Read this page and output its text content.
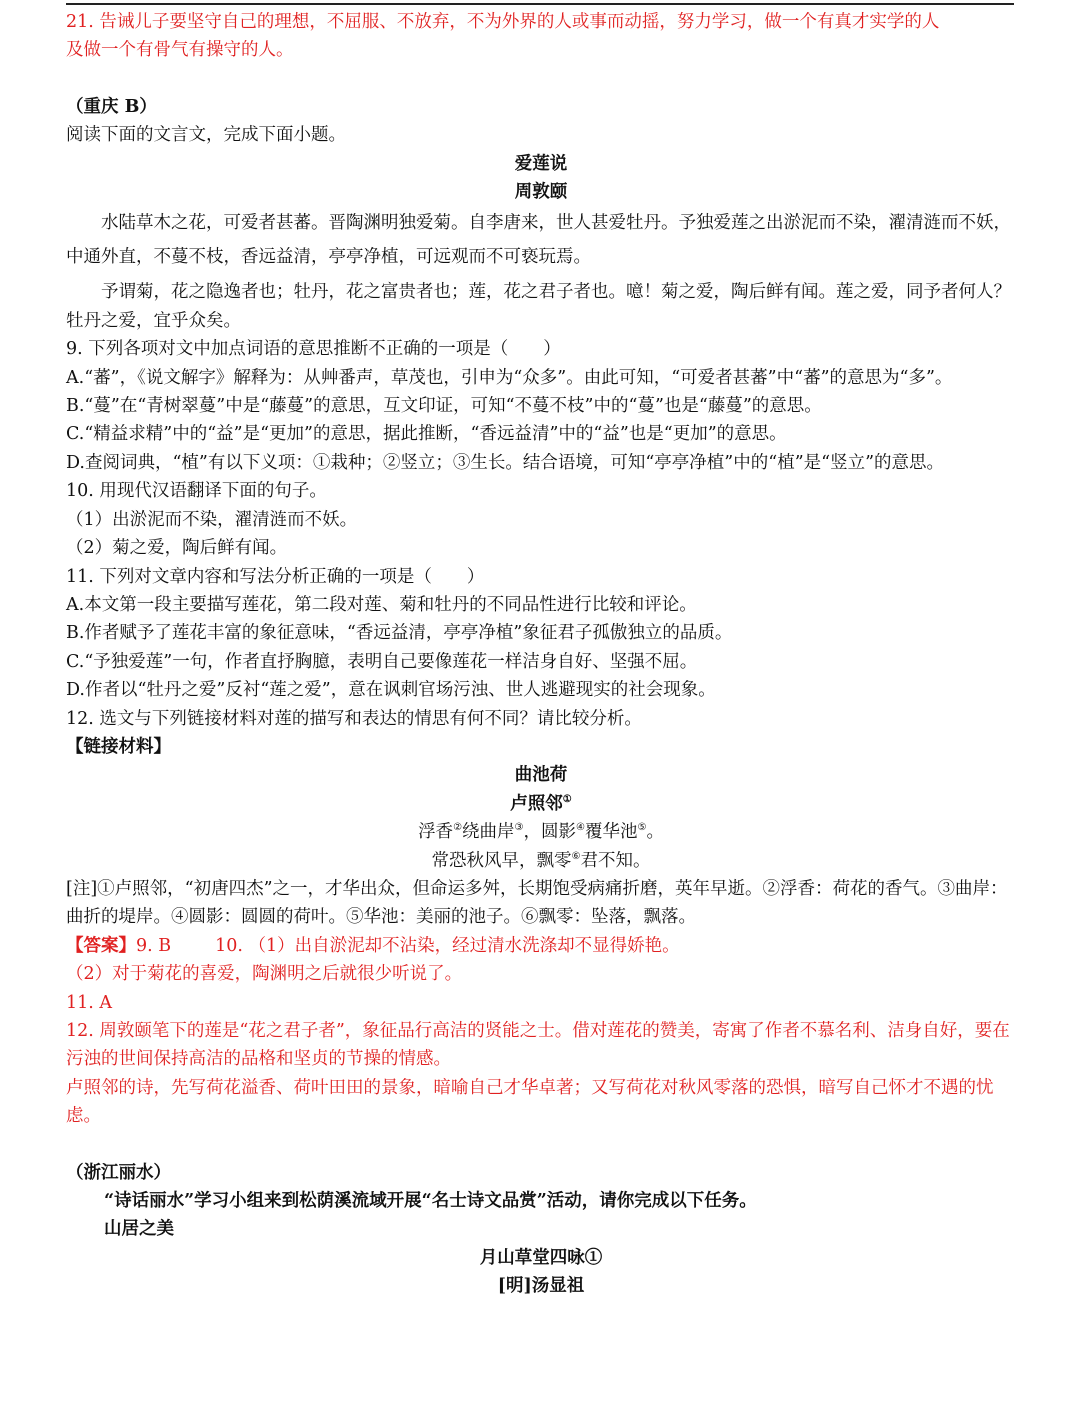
21. 告诫儿子要坚守自己的理想，不屈服、不放弃，不为外界的人或事而动摇，努力学习，做一个有真才实学的人

及做一个有骨气有操守的人。

（重庆 B）

阅读下面的文言文，完成下面小题。

爱莲说

周敦颐

水陆草木之花，可爱者甚蕃。晋陶渊明独爱菊。自李唐来，世人甚爱牡丹。予独爱莲之出淤泥而不染，濯清涟而不妖，中通外直，不蔓不枝，香远益清，亭亭净植，可远观而不可亵玩焉。

予谓菊，花之隐逸者也；牡丹，花之富贵者也；莲，花之君子者也。噫！菊之爱，陶后鲜有闻。莲之爱，同予者何人？牡丹之爱，宜乎众矣。

9. 下列各项对文中加点词语的意思推断不正确的一项是（　　）

A.“蕃”，《说文解字》解释为：从艸番声，草茂也，引申为“众多”。由此可知，“可爱者甚蕃”中“蕃”的意思为“多”。

B.“蔓”在“青树翠蔓”中是“藤蔓”的意思，互文印证，可知“不蔓不枝”中的“蔓”也是“藤蔓”的意思。

C.“精益求精”中的“益”是“更加”的意思，据此推断，“香远益清”中的“益”也是“更加”的意思。

D.查阅词典，“植”有以下义项：①栽种；②竖立；③生长。结合语境，可知“亭亭净植”中的“植”是“竖立”的意思。

10. 用现代汉语翻译下面的句子。

（1）出淤泥而不染，濯清涟而不妖。

（2）菊之爱，陶后鲜有闻。

11. 下列对文章内容和写法分析正确的一项是（　　）

A.本文第一段主要描写莲花，第二段对莲、菊和牡丹的不同品性进行比较和评论。

B.作者赋予了莲花丰富的象征意味，“香远益清，亭亭净植”象征君子孤傲独立的品质。

C.“予独爱莲”一句，作者直抒胸臆，表明自己要像莲花一样洁身自好、坚强不屈。

D.作者以“牡丹之爱”反衬“莲之爱”，意在讽刺官场污浊、世人逃避现实的社会现象。

12. 选文与下列链接材料对莲的描写和表达的情思有何不同？请比较分析。

【链接材料】

曲池荷

卢照邻①

浮香②绕曲岸③，圆影④覆华池⑤。

常恐秋风早，飘零⑥君不知。

[注]①卢照邻，“初唐四杰”之一，才华出众，但命运多舛，长期饱受病痛折磨，英年早逝。②浮香：荷花的香气。③曲岸：曲折的堤岸。④圆影：圆圆的荷叶。⑤华池：美丽的池子。⑥飘零：坠落，飘落。

【答案】9. B	10. （1）出自淤泥却不沾染，经过清水洗涤却不显得娇艳。

（2）对于菊花的喜爱，陶渊明之后就很少听说了。

11. A

12. 周敦颐笔下的莲是“花之君子者”，象征品行高洁的贤能之士。借对莲花的赞美，寄寓了作者不慕名利、洁身自好，要在污浊的世间保持高洁的品格和坚贞的节操的情感。

卢照邻的诗，先写荷花溢香、荷叶田田的景象，暗喻自己才华卓著；又写荷花对秋风零落的恐惧，暗写自己怀才不遇的忧虑。

（浙江丽水）

“诗话丽水”学习小组来到松荫溪流域开展“名士诗文品赏”活动，请你完成以下任务。

山居之美

月山草堂四咏①

[明]汤显祖
